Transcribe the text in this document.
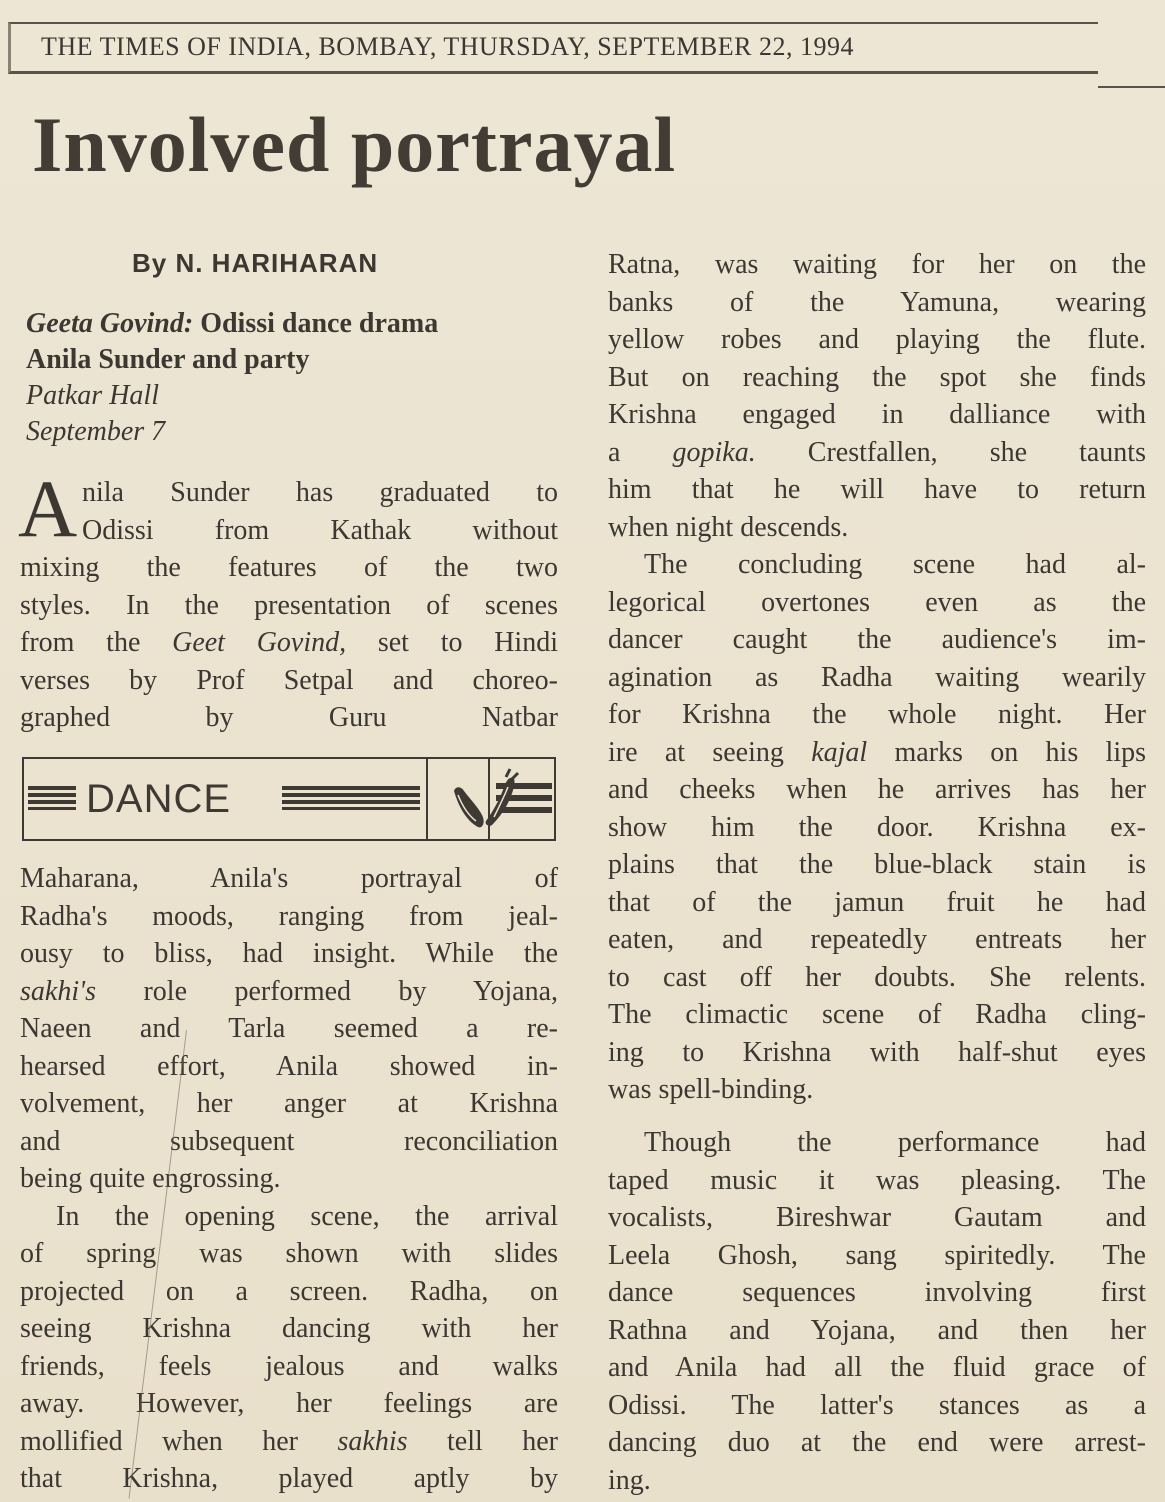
THE TIMES OF INDIA, BOMBAY, THURSDAY, SEPTEMBER 22, 1994
Involved portrayal
By N. HARIHARAN
Geeta Govind: Odissi dance drama
Anila Sunder and party
Patkar Hall
September 7
A nila Sunder has graduated to
Odissi from Kathak without
mixing the features of the two
styles. In the presentation of scenes
from the Geet Govind, set to Hindi
verses by Prof Setpal and choreo-
graphed by Guru Natbar
DANCE
Maharana, Anila's portrayal of
Radha's moods, ranging from jeal-
ousy to bliss, had insight. While the
sakhi's role performed by Yojana,
Naeen and Tarla seemed a re-
hearsed effort, Anila showed in-
volvement, her anger at Krishna
and subsequent reconciliation
being quite engrossing.
In the opening scene, the arrival
of spring was shown with slides
projected on a screen. Radha, on
seeing Krishna dancing with her
friends, feels jealous and walks
away. However, her feelings are
mollified when her sakhis tell her
that Krishna, played aptly by
Ratna, was waiting for her on the
banks of the Yamuna, wearing
yellow robes and playing the flute.
But on reaching the spot she finds
Krishna engaged in dalliance with
a gopika. Crestfallen, she taunts
him that he will have to return
when night descends.
The concluding scene had al-
legorical overtones even as the
dancer caught the audience's im-
agination as Radha waiting wearily
for Krishna the whole night. Her
ire at seeing kajal marks on his lips
and cheeks when he arrives has her
show him the door. Krishna ex-
plains that the blue-black stain is
that of the jamun fruit he had
eaten, and repeatedly entreats her
to cast off her doubts. She relents.
The climactic scene of Radha cling-
ing to Krishna with half-shut eyes
was spell-binding.
Though the performance had
taped music it was pleasing. The
vocalists, Bireshwar Gautam and
Leela Ghosh, sang spiritedly. The
dance sequences involving first
Rathna and Yojana, and then her
and Anila had all the fluid grace of
Odissi. The latter's stances as a
dancing duo at the end were arrest-
ing.
